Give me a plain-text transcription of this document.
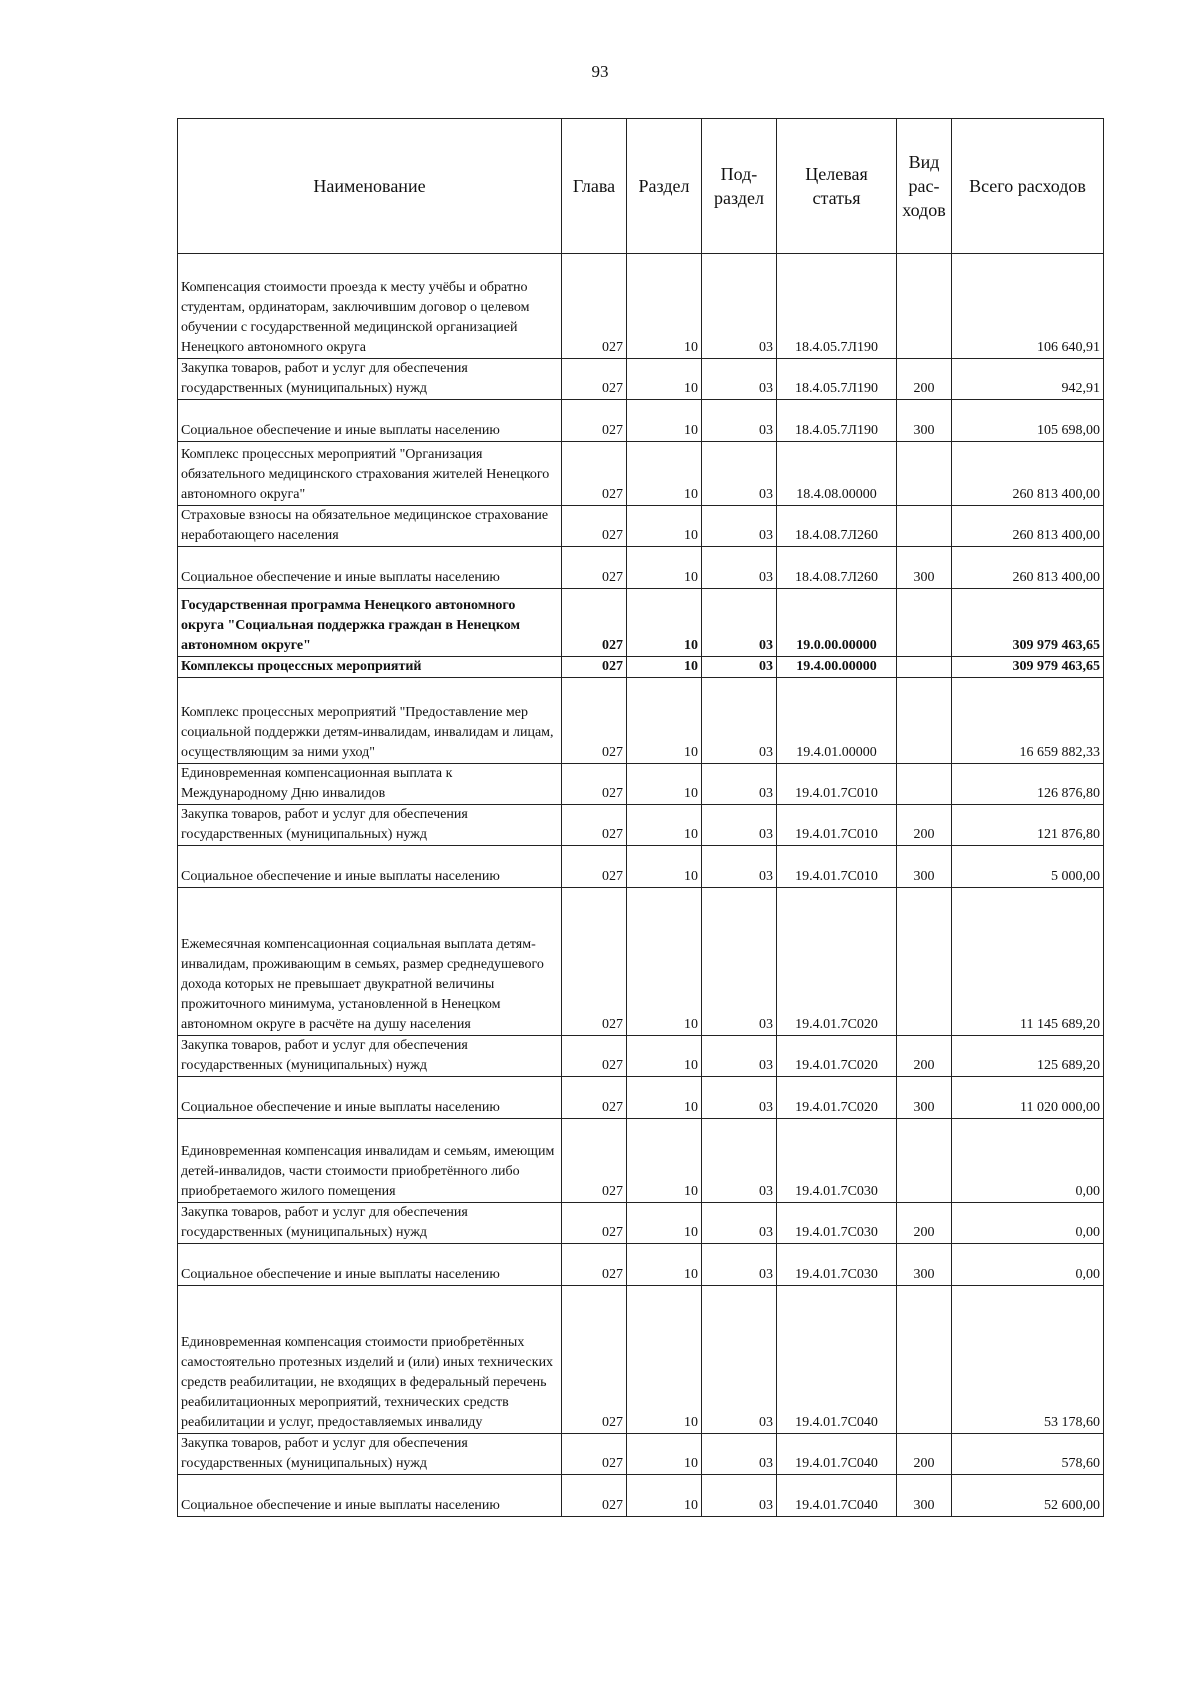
93
Наименование	Глава	Раздел	Под-раздел	Целевая статья	Вид рас-ходов	Всего расходов
Компенсация стоимости проезда к месту учёбы и обратно студентам, ординаторам, заключившим договор о целевом обучении с государственной медицинской организацией Ненецкого автономного округа	027	10	03	18.4.05.7Л190		106 640,91
Закупка товаров, работ и услуг для обеспечения государственных (муниципальных) нужд	027	10	03	18.4.05.7Л190	200	942,91
Социальное обеспечение и иные выплаты населению	027	10	03	18.4.05.7Л190	300	105 698,00
Комплекс процессных мероприятий "Организация обязательного медицинского страхования жителей Ненецкого автономного округа"	027	10	03	18.4.08.00000		260 813 400,00
Страховые взносы на обязательное медицинское страхование неработающего населения	027	10	03	18.4.08.7Л260		260 813 400,00
Социальное обеспечение и иные выплаты населению	027	10	03	18.4.08.7Л260	300	260 813 400,00
Государственная программа Ненецкого автономного округа "Социальная поддержка граждан в Ненецком автономном округе"	027	10	03	19.0.00.00000		309 979 463,65
Комплексы процессных мероприятий	027	10	03	19.4.00.00000		309 979 463,65
Комплекс процессных мероприятий "Предоставление мер социальной поддержки детям-инвалидам, инвалидам и лицам, осуществляющим за ними уход"	027	10	03	19.4.01.00000		16 659 882,33
Единовременная компенсационная выплата к Международному Дню инвалидов	027	10	03	19.4.01.7С010		126 876,80
Закупка товаров, работ и услуг для обеспечения государственных (муниципальных) нужд	027	10	03	19.4.01.7С010	200	121 876,80
Социальное обеспечение и иные выплаты населению	027	10	03	19.4.01.7С010	300	5 000,00
Ежемесячная компенсационная социальная выплата детям-инвалидам, проживающим в семьях, размер среднедушевого дохода которых не превышает двукратной величины прожиточного минимума, установленной в Ненецком автономном округе в расчёте на душу населения	027	10	03	19.4.01.7С020		11 145 689,20
Закупка товаров, работ и услуг для обеспечения государственных (муниципальных) нужд	027	10	03	19.4.01.7С020	200	125 689,20
Социальное обеспечение и иные выплаты населению	027	10	03	19.4.01.7С020	300	11 020 000,00
Единовременная компенсация инвалидам и семьям, имеющим детей-инвалидов, части стоимости приобретённого либо приобретаемого жилого помещения	027	10	03	19.4.01.7С030		0,00
Закупка товаров, работ и услуг для обеспечения государственных (муниципальных) нужд	027	10	03	19.4.01.7С030	200	0,00
Социальное обеспечение и иные выплаты населению	027	10	03	19.4.01.7С030	300	0,00
Единовременная компенсация стоимости приобретённых самостоятельно протезных изделий и (или) иных технических средств реабилитации, не входящих в федеральный перечень реабилитационных мероприятий, технических средств реабилитации и услуг, предоставляемых инвалиду	027	10	03	19.4.01.7С040		53 178,60
Закупка товаров, работ и услуг для обеспечения государственных (муниципальных) нужд	027	10	03	19.4.01.7С040	200	578,60
Социальное обеспечение и иные выплаты населению	027	10	03	19.4.01.7С040	300	52 600,00
